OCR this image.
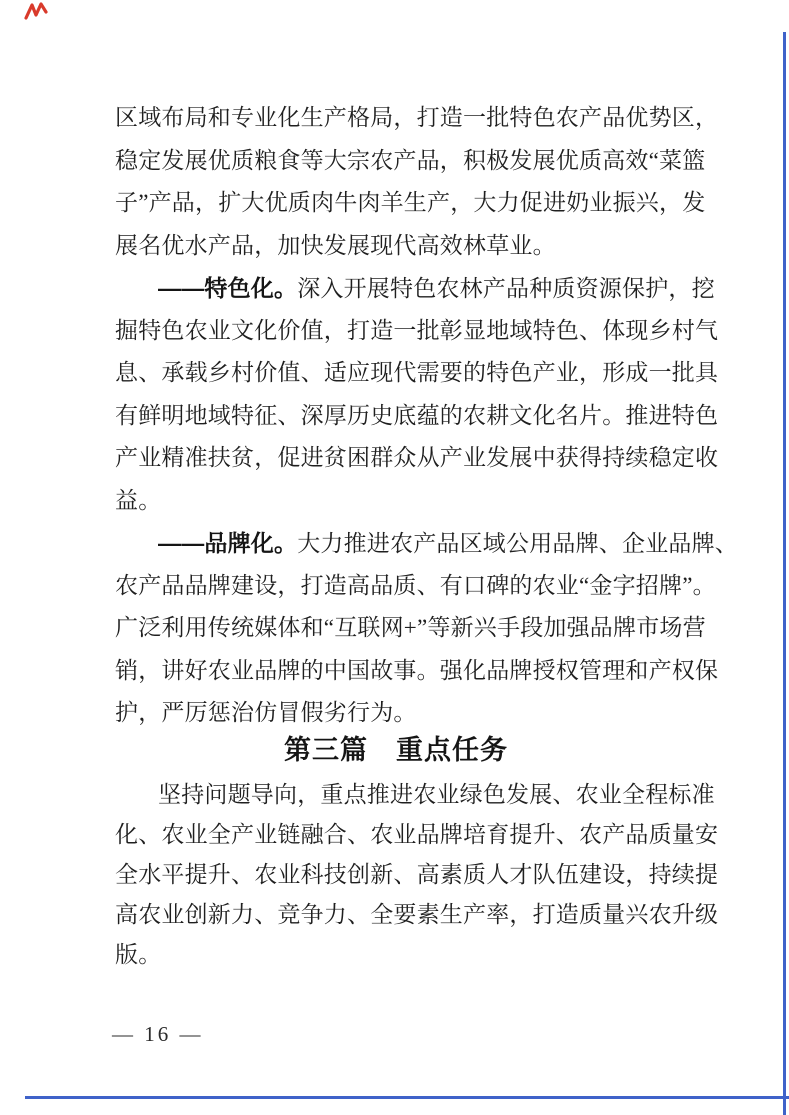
区域布局和专业化生产格局，打造一批特色农产品优势区，
稳定发展优质粮食等大宗农产品，积极发展优质高效“菜篮
子”产品，扩大优质肉牛肉羊生产，大力促进奶业振兴，发
展名优水产品，加快发展现代高效林草业。
——特色化。深入开展特色农林产品种质资源保护，挖
掘特色农业文化价值，打造一批彰显地域特色、体现乡村气
息、承载乡村价值、适应现代需要的特色产业，形成一批具
有鲜明地域特征、深厚历史底蕴的农耕文化名片。推进特色
产业精准扶贫，促进贫困群众从产业发展中获得持续稳定收
益。
——品牌化。大力推进农产品区域公用品牌、企业品牌、
农产品品牌建设，打造高品质、有口碑的农业“金字招牌”。
广泛利用传统媒体和“互联网+”等新兴手段加强品牌市场营
销，讲好农业品牌的中国故事。强化品牌授权管理和产权保
护，严厉惩治仿冒假劣行为。
第三篇　重点任务
坚持问题导向，重点推进农业绿色发展、农业全程标准
化、农业全产业链融合、农业品牌培育提升、农产品质量安
全水平提升、农业科技创新、高素质人才队伍建设，持续提
高农业创新力、竞争力、全要素生产率，打造质量兴农升级
版。
— 16 —
